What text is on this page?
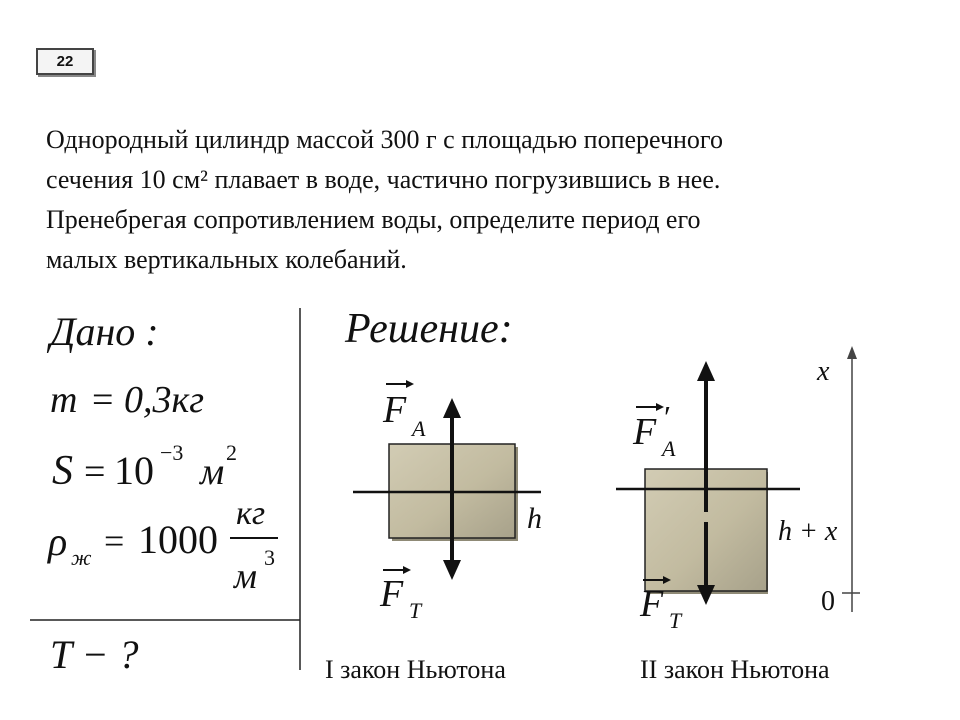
22

Однородный цилиндр массой 300 г с площадью поперечного

сечения 10 см² плавает в воде, частично погрузившись в нее.

Пренебрегая сопротивлением воды, определите период его

малых вертикальных колебаний.

Дано :
m = 0,3кг
S = 10 −3 м 2
ρ ж = 1000
кг
м 3
T − ?
Решение:
F A
F T
h
F ′
A
F T
h + x
x
0
I закон Ньютона	II закон Ньютона
